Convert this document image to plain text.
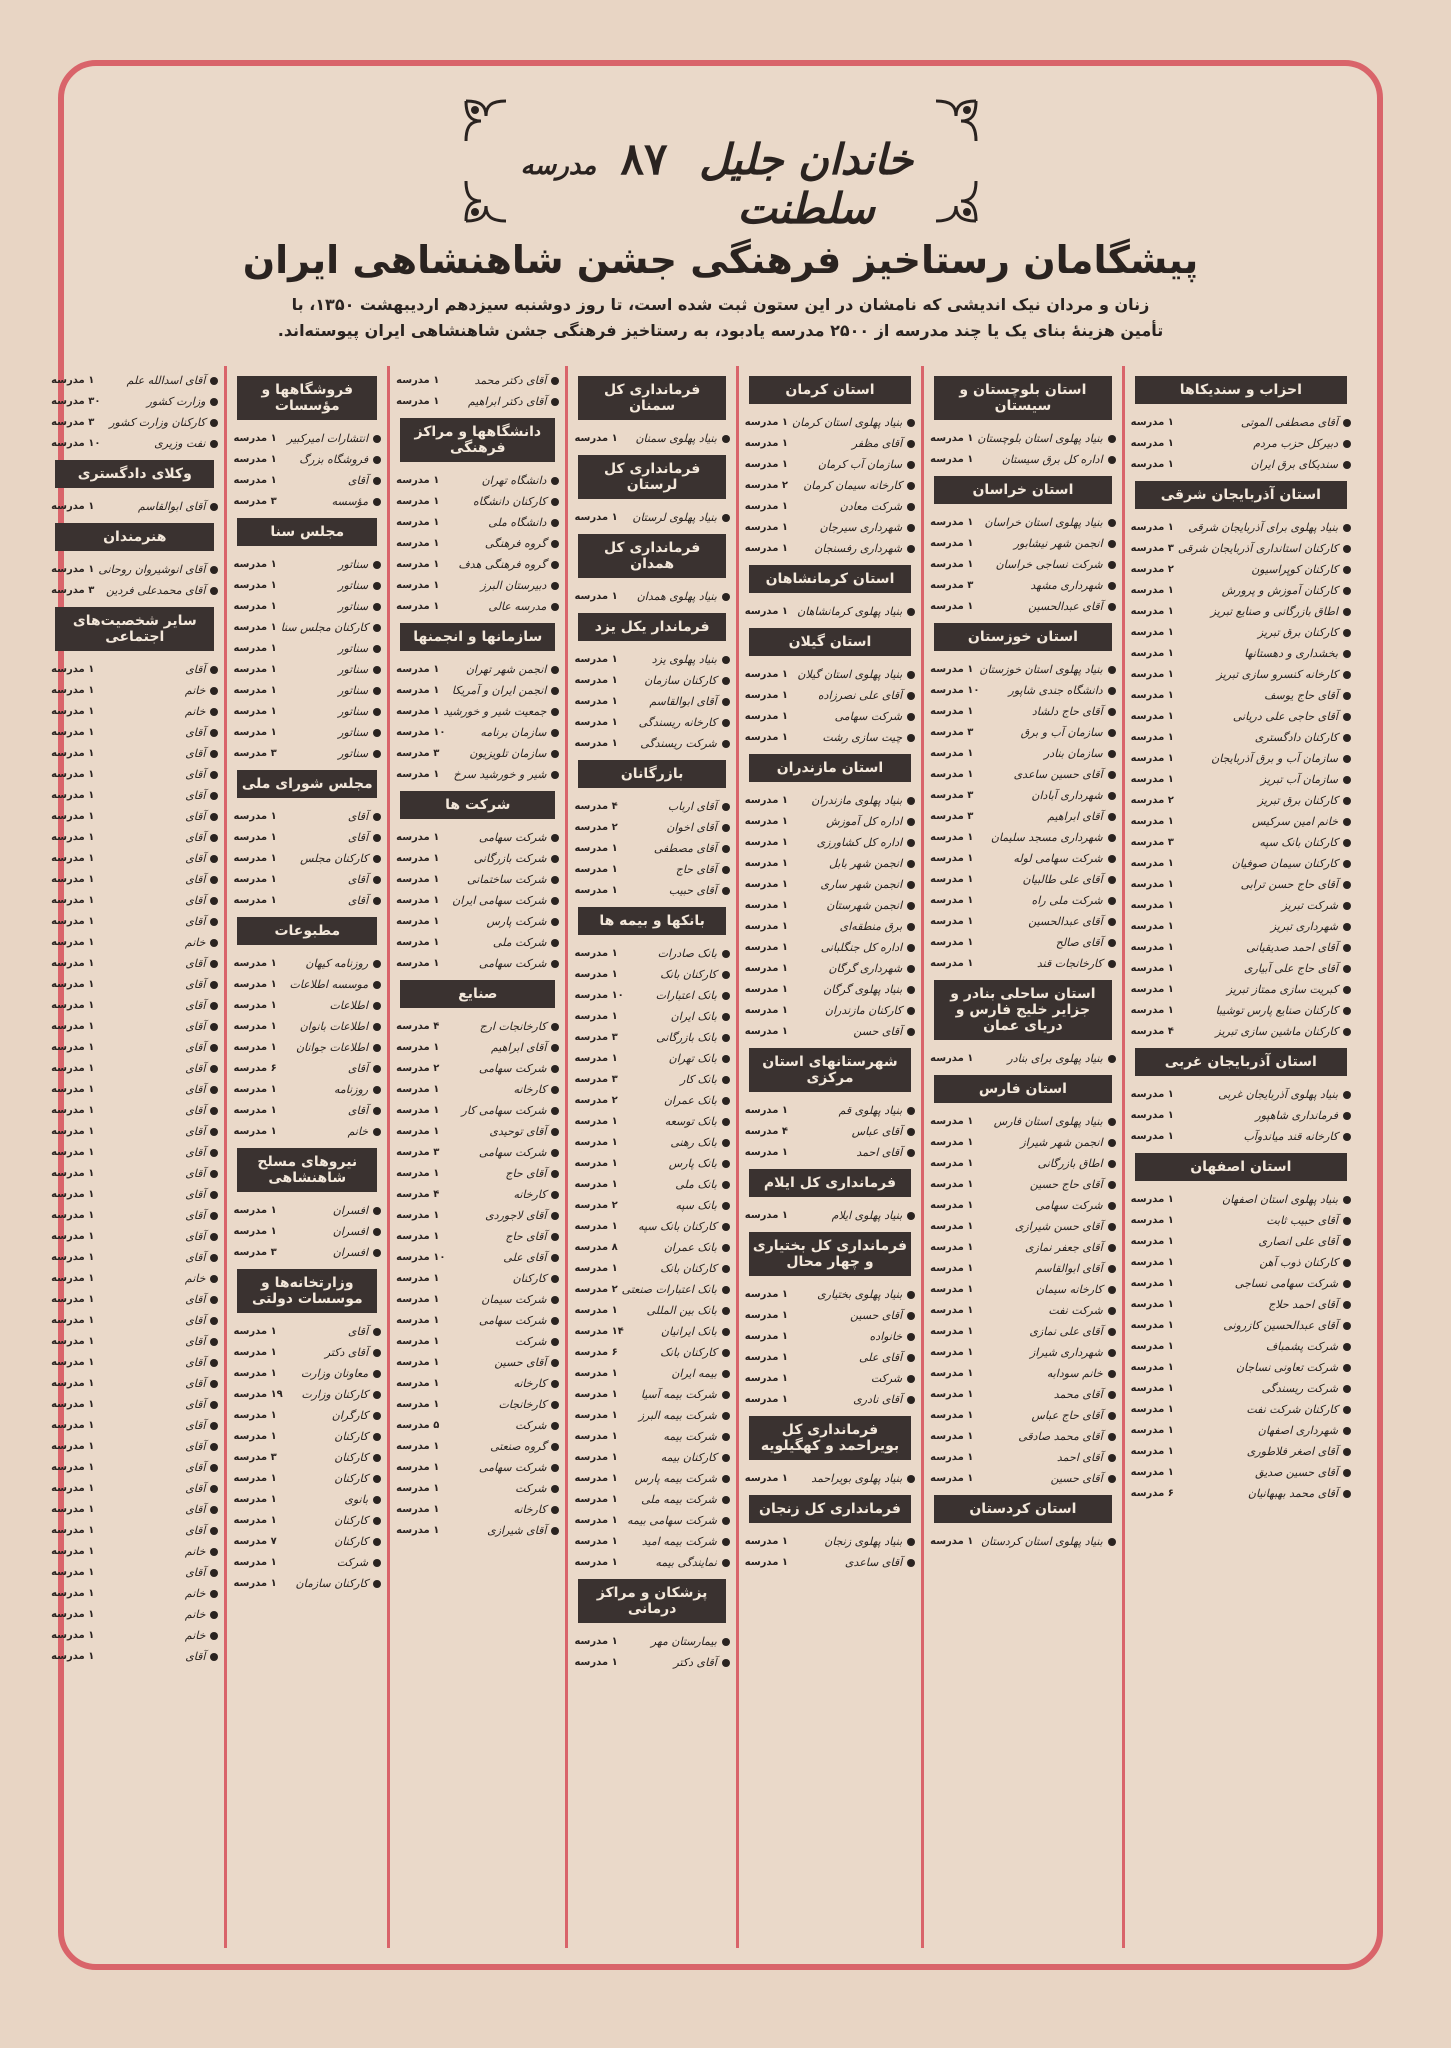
خاندان جلیل سلطنت
۸۷
مدرسه
پیشگامان رستاخیز فرهنگی جشن شاهنشاهی ایران
زنان و مردان نیک اندیشی که نامشان در این ستون ثبت شده است، تا روز دوشنبه سیزدهم اردیبهشت ۱۳۵۰، با تأمین هزینهٔ بنای یک یا چند مدرسه از ۲۵۰۰ مدرسه یادبود، به رستاخیز فرهنگی جشن شاهنشاهی ایران پیوسته‌اند.
احزاب و سندیکاها
آقای مصطفی الموتی
۱ مدرسه
دبیرکل حزب مردم
۱ مدرسه
سندیکای برق ایران
۱ مدرسه
استان آذربایجان شرقی
بنیاد پهلوی برای آذربایجان شرقی
۱ مدرسه
کارکنان استانداری آذربایجان شرقی
۳ مدرسه
کارکنان کوپراسیون
۲ مدرسه
کارکنان آموزش و پرورش
۱ مدرسه
اطاق بازرگانی و صنایع تبریز
۱ مدرسه
کارکنان برق تبریز
۱ مدرسه
بخشداری و دهستانها
۱ مدرسه
کارخانه کنسرو سازی تبریز
۱ مدرسه
آقای حاج یوسف
۱ مدرسه
آقای حاجی علی دریانی
۱ مدرسه
کارکنان دادگستری
۱ مدرسه
سازمان آب و برق آذربایجان
۱ مدرسه
سازمان آب تبریز
۱ مدرسه
کارکنان برق تبریز
۲ مدرسه
خانم امین سرکیس
۱ مدرسه
کارکنان بانک سپه
۳ مدرسه
کارکنان سیمان صوفیان
۱ مدرسه
آقای حاج حسن ترابی
۱ مدرسه
شرکت تبریز
۱ مدرسه
شهرداری تبریز
۱ مدرسه
آقای احمد صدیقیانی
۱ مدرسه
آقای حاج علی آبیاری
۱ مدرسه
کبریت سازی ممتاز تبریز
۱ مدرسه
کارکنان صنایع پارس توشیبا
۱ مدرسه
کارکنان ماشین سازی تبریز
۴ مدرسه
استان آذربایجان غربی
بنیاد پهلوی آذربایجان غربی
۱ مدرسه
فرمانداری شاهپور
۱ مدرسه
کارخانه قند میاندوآب
۱ مدرسه
استان اصفهان
بنیاد پهلوی استان اصفهان
۱ مدرسه
آقای حبیب ثابت
۱ مدرسه
آقای علی انصاری
۱ مدرسه
کارکنان ذوب آهن
۱ مدرسه
شرکت سهامی نساجی
۱ مدرسه
آقای احمد حلاج
۱ مدرسه
آقای عبدالحسین کازرونی
۱ مدرسه
شرکت پشمباف
۱ مدرسه
شرکت تعاونی نساجان
۱ مدرسه
شرکت ریسندگی
۱ مدرسه
کارکنان شرکت نفت
۱ مدرسه
شهرداری اصفهان
۱ مدرسه
آقای اصغر فلاطوری
۱ مدرسه
آقای حسین صدیق
۱ مدرسه
آقای محمد بهبهانیان
۶ مدرسه
استان بلوچستان و سیستان
بنیاد پهلوی استان بلوچستان
۱ مدرسه
اداره کل برق سیستان
۱ مدرسه
استان خراسان
بنیاد پهلوی استان خراسان
۱ مدرسه
انجمن شهر نیشابور
۱ مدرسه
شرکت نساجی خراسان
۱ مدرسه
شهرداری مشهد
۳ مدرسه
آقای عبدالحسین
۱ مدرسه
استان خوزستان
بنیاد پهلوی استان خوزستان
۱ مدرسه
دانشگاه جندی شاپور
۱۰ مدرسه
آقای حاج دلشاد
۱ مدرسه
سازمان آب و برق
۳ مدرسه
سازمان بنادر
۱ مدرسه
آقای حسین ساعدی
۱ مدرسه
شهرداری آبادان
۳ مدرسه
آقای ابراهیم
۳ مدرسه
شهرداری مسجد سلیمان
۱ مدرسه
شرکت سهامی لوله
۱ مدرسه
آقای علی طالبیان
۱ مدرسه
شرکت ملی راه
۱ مدرسه
آقای عبدالحسین
۱ مدرسه
آقای صالح
۱ مدرسه
کارخانجات قند
۱ مدرسه
استان ساحلی بنادر و جزایر خلیج فارس و دریای عمان
بنیاد پهلوی برای بنادر
۱ مدرسه
استان فارس
بنیاد پهلوی استان فارس
۱ مدرسه
انجمن شهر شیراز
۱ مدرسه
اطاق بازرگانی
۱ مدرسه
آقای حاج حسین
۱ مدرسه
شرکت سهامی
۱ مدرسه
آقای حسن شیرازی
۱ مدرسه
آقای جعفر نمازی
۱ مدرسه
آقای ابوالقاسم
۱ مدرسه
کارخانه سیمان
۱ مدرسه
شرکت نفت
۱ مدرسه
آقای علی نمازی
۱ مدرسه
شهرداری شیراز
۱ مدرسه
خانم سودابه
۱ مدرسه
آقای محمد
۱ مدرسه
آقای حاج عباس
۱ مدرسه
آقای محمد صادقی
۱ مدرسه
آقای احمد
۱ مدرسه
آقای حسین
۱ مدرسه
استان کردستان
بنیاد پهلوی استان کردستان
۱ مدرسه
استان کرمان
بنیاد پهلوی استان کرمان
۱ مدرسه
آقای مظفر
۱ مدرسه
سازمان آب کرمان
۱ مدرسه
کارخانه سیمان کرمان
۲ مدرسه
شرکت معادن
۱ مدرسه
شهرداری سیرجان
۱ مدرسه
شهرداری رفسنجان
۱ مدرسه
استان کرمانشاهان
بنیاد پهلوی کرمانشاهان
۱ مدرسه
استان گیلان
بنیاد پهلوی استان گیلان
۱ مدرسه
آقای علی نصرزاده
۱ مدرسه
شرکت سهامی
۱ مدرسه
چیت سازی رشت
۱ مدرسه
استان مازندران
بنیاد پهلوی مازندران
۱ مدرسه
اداره کل آموزش
۱ مدرسه
اداره کل کشاورزی
۱ مدرسه
انجمن شهر بابل
۱ مدرسه
انجمن شهر ساری
۱ مدرسه
انجمن شهرستان
۱ مدرسه
برق منطقه‌ای
۱ مدرسه
اداره کل جنگلبانی
۱ مدرسه
شهرداری گرگان
۱ مدرسه
بنیاد پهلوی گرگان
۱ مدرسه
کارکنان مازندران
۱ مدرسه
آقای حسن
۱ مدرسه
شهرستانهای استان مرکزی
بنیاد پهلوی قم
۱ مدرسه
آقای عباس
۴ مدرسه
آقای احمد
۱ مدرسه
فرمانداری کل ایلام
بنیاد پهلوی ایلام
۱ مدرسه
فرمانداری کل بختیاری و چهار محال
بنیاد پهلوی بختیاری
۱ مدرسه
آقای حسین
۱ مدرسه
خانواده
۱ مدرسه
آقای علی
۱ مدرسه
شرکت
۱ مدرسه
آقای نادری
۱ مدرسه
فرمانداری کل بویراحمد و کهگیلویه
بنیاد پهلوی بویراحمد
۱ مدرسه
فرمانداری کل زنجان
بنیاد پهلوی زنجان
۱ مدرسه
آقای ساعدی
۱ مدرسه
فرمانداری کل سمنان
بنیاد پهلوی سمنان
۱ مدرسه
فرمانداری کل لرستان
بنیاد پهلوی لرستان
۱ مدرسه
فرمانداری کل همدان
بنیاد پهلوی همدان
۱ مدرسه
فرماندار یکل یزد
بنیاد پهلوی یزد
۱ مدرسه
کارکنان سازمان
۱ مدرسه
آقای ابوالقاسم
۱ مدرسه
کارخانه ریسندگی
۱ مدرسه
شرکت ریسندگی
۱ مدرسه
بازرگانان
آقای ارباب
۴ مدرسه
آقای اخوان
۲ مدرسه
آقای مصطفی
۱ مدرسه
آقای حاج
۱ مدرسه
آقای حبیب
۱ مدرسه
بانکها و بیمه ها
بانک صادرات
۱ مدرسه
کارکنان بانک
۱ مدرسه
بانک اعتبارات
۱۰ مدرسه
بانک ایران
۱ مدرسه
بانک بازرگانی
۳ مدرسه
بانک تهران
۱ مدرسه
بانک کار
۳ مدرسه
بانک عمران
۲ مدرسه
بانک توسعه
۱ مدرسه
بانک رهنی
۱ مدرسه
بانک پارس
۱ مدرسه
بانک ملی
۱ مدرسه
بانک سپه
۲ مدرسه
کارکنان بانک سپه
۱ مدرسه
بانک عمران
۸ مدرسه
کارکنان بانک
۱ مدرسه
بانک اعتبارات صنعتی
۲ مدرسه
بانک بین المللی
۱ مدرسه
بانک ایرانیان
۱۴ مدرسه
کارکنان بانک
۶ مدرسه
بیمه ایران
۱ مدرسه
شرکت بیمه آسیا
۱ مدرسه
شرکت بیمه البرز
۱ مدرسه
شرکت بیمه
۱ مدرسه
کارکنان بیمه
۱ مدرسه
شرکت بیمه پارس
۱ مدرسه
شرکت بیمه ملی
۱ مدرسه
شرکت سهامی بیمه
۱ مدرسه
شرکت بیمه امید
۱ مدرسه
نمایندگی بیمه
۱ مدرسه
پزشکان و مراکز درمانی
بیمارستان مهر
۱ مدرسه
آقای دکتر
۱ مدرسه
آقای دکتر محمد
۱ مدرسه
آقای دکتر ابراهیم
۱ مدرسه
دانشگاهها و مراکز فرهنگی
دانشگاه تهران
۱ مدرسه
کارکنان دانشگاه
۱ مدرسه
دانشگاه ملی
۱ مدرسه
گروه فرهنگی
۱ مدرسه
گروه فرهنگی هدف
۱ مدرسه
دبیرستان البرز
۱ مدرسه
مدرسه عالی
۱ مدرسه
سازمانها و انجمنها
انجمن شهر تهران
۱ مدرسه
انجمن ایران و آمریکا
۱ مدرسه
جمعیت شیر و خورشید
۱ مدرسه
سازمان برنامه
۱۰ مدرسه
سازمان تلویزیون
۳ مدرسه
شیر و خورشید سرخ
۱ مدرسه
شرکت ها
شرکت سهامی
۱ مدرسه
شرکت بازرگانی
۱ مدرسه
شرکت ساختمانی
۱ مدرسه
شرکت سهامی ایران
۱ مدرسه
شرکت پارس
۱ مدرسه
شرکت ملی
۱ مدرسه
شرکت سهامی
۱ مدرسه
صنایع
کارخانجات ارج
۴ مدرسه
آقای ابراهیم
۱ مدرسه
شرکت سهامی
۲ مدرسه
کارخانه
۱ مدرسه
شرکت سهامی کار
۱ مدرسه
آقای توحیدی
۱ مدرسه
شرکت سهامی
۳ مدرسه
آقای حاج
۱ مدرسه
کارخانه
۴ مدرسه
آقای لاجوردی
۱ مدرسه
آقای حاج
۱ مدرسه
آقای علی
۱۰ مدرسه
کارکنان
۱ مدرسه
شرکت سیمان
۱ مدرسه
شرکت سهامی
۱ مدرسه
شرکت
۱ مدرسه
آقای حسین
۱ مدرسه
کارخانه
۱ مدرسه
کارخانجات
۱ مدرسه
شرکت
۵ مدرسه
گروه صنعتی
۱ مدرسه
شرکت سهامی
۱ مدرسه
شرکت
۱ مدرسه
کارخانه
۱ مدرسه
آقای شیرازی
۱ مدرسه
فروشگاهها و مؤسسات
انتشارات امیرکبیر
۱ مدرسه
فروشگاه بزرگ
۱ مدرسه
آقای
۱ مدرسه
مؤسسه
۳ مدرسه
مجلس سنا
سناتور
۱ مدرسه
سناتور
۱ مدرسه
سناتور
۱ مدرسه
کارکنان مجلس سنا
۱ مدرسه
سناتور
۱ مدرسه
سناتور
۱ مدرسه
سناتور
۱ مدرسه
سناتور
۱ مدرسه
سناتور
۱ مدرسه
سناتور
۳ مدرسه
مجلس شورای ملی
آقای
۱ مدرسه
آقای
۱ مدرسه
کارکنان مجلس
۱ مدرسه
آقای
۱ مدرسه
آقای
۱ مدرسه
مطبوعات
روزنامه کیهان
۱ مدرسه
موسسه اطلاعات
۱ مدرسه
اطلاعات
۱ مدرسه
اطلاعات بانوان
۱ مدرسه
اطلاعات جوانان
۱ مدرسه
آقای
۶ مدرسه
روزنامه
۱ مدرسه
آقای
۱ مدرسه
خانم
۱ مدرسه
نیروهای مسلح شاهنشاهی
افسران
۱ مدرسه
افسران
۱ مدرسه
افسران
۳ مدرسه
وزارتخانه‌ها و موسسات دولتی
آقای
۱ مدرسه
آقای دکتر
۱ مدرسه
معاونان وزارت
۱ مدرسه
کارکنان وزارت
۱۹ مدرسه
کارگران
۱ مدرسه
کارکنان
۱ مدرسه
کارکنان
۳ مدرسه
کارکنان
۱ مدرسه
بانوی
۱ مدرسه
کارکنان
۱ مدرسه
کارکنان
۷ مدرسه
شرکت
۱ مدرسه
کارکنان سازمان
۱ مدرسه
آقای اسدالله علم
۱ مدرسه
وزارت کشور
۳۰ مدرسه
کارکنان وزارت کشور
۳ مدرسه
نفت وزیری
۱۰ مدرسه
وکلای دادگستری
آقای ابوالقاسم
۱ مدرسه
هنرمندان
آقای انوشیروان روحانی
۱ مدرسه
آقای محمدعلی فردین
۳ مدرسه
سایر شخصیت‌های اجتماعی
آقای
۱ مدرسه
خانم
۱ مدرسه
خانم
۱ مدرسه
آقای
۱ مدرسه
آقای
۱ مدرسه
آقای
۱ مدرسه
آقای
۱ مدرسه
آقای
۱ مدرسه
آقای
۱ مدرسه
آقای
۱ مدرسه
آقای
۱ مدرسه
آقای
۱ مدرسه
آقای
۱ مدرسه
خانم
۱ مدرسه
آقای
۱ مدرسه
آقای
۱ مدرسه
آقای
۱ مدرسه
آقای
۱ مدرسه
آقای
۱ مدرسه
آقای
۱ مدرسه
آقای
۱ مدرسه
آقای
۱ مدرسه
آقای
۱ مدرسه
آقای
۱ مدرسه
آقای
۱ مدرسه
آقای
۱ مدرسه
آقای
۱ مدرسه
آقای
۱ مدرسه
آقای
۱ مدرسه
خانم
۱ مدرسه
آقای
۱ مدرسه
آقای
۱ مدرسه
آقای
۱ مدرسه
آقای
۱ مدرسه
آقای
۱ مدرسه
آقای
۱ مدرسه
آقای
۱ مدرسه
آقای
۱ مدرسه
آقای
۱ مدرسه
آقای
۱ مدرسه
آقای
۱ مدرسه
آقای
۱ مدرسه
خانم
۱ مدرسه
آقای
۱ مدرسه
خانم
۱ مدرسه
خانم
۱ مدرسه
خانم
۱ مدرسه
آقای
۱ مدرسه
